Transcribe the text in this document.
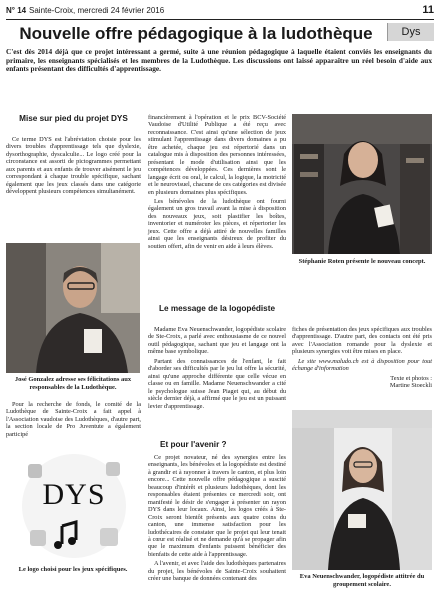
N° 14 Sainte-Croix, mercredi 24 février 2016	11
Nouvelle offre pédagogique à la ludothèque	Dys
C'est dès 2014 déjà que ce projet intéressant a germé, suite à une réunion pédagogique à laquelle étaient conviés les enseignants du primaire, les enseignants spécialisés et les membres de la Ludothèque. Les discussions ont laissé apparaître un réel besoin d'aide aux enfants présentant des difficultés d'apprentissage.
Mise sur pied du projet DYS

Ce terme DYS est l'abréviation choisie pour les divers troubles d'apprentissage tels que dyslexie, dysorthographie, dyscalculie... Le logo créé pour la circonstance est assorti de pictogrammes permettant aux parents et aux enfants de trouver aisément le jeu correspondant à chaque trouble spécifique, sachant également que les jeux classés dans une catégorie développent plusieurs compétences simultanément.

José Gonzalez adresse ses félicitations aux responsables de la Ludothèque.

Pour la recherche de fonds, le comité de la Ludothèque de Sainte-Croix a fait appel à l'Association vaudoise des Ludothèques, d'autre part, la section locale de Pro Juventute a également participé

DYS
Le logo choisi pour les jeux spécifiques.

financièrement à l'opération et le prix BCV-Société Vaudoise d'Utilité Publique a été reçu avec reconnaissance. C'est ainsi qu'une sélection de jeux stimulant l'apprentissage dans divers domaines a pu être achetée, chaque jeu est répertorié dans un catalogue mis à disposition des personnes intéressées, présentant le mode d'utilisation ainsi que les compétences développées. Ces dernières sont le langage écrit ou oral, le calcul, la logique, la motricité et le neurovisuel, chacune de ces catégories est divisée en plusieurs domaines plus spécifiques.

Les bénévoles de la ludothèque ont fourni également un gros travail avant la mise à disposition des nouveaux jeux, soit plastifier les boîtes, inventorier et numéroter les pièces, et répertorier les jeux. Cette offre a déjà attiré de nouvelles familles ainsi que les enseignants désireux de profiter du soutien offert, afin de venir en aide à leurs élèves.

Le message de la logopédiste

Madame Eva Neuenschwander, logopédiste scolaire de Ste-Croix, a parlé avec enthousiasme de ce nouvel outil pédagogique, sachant que jeu et langage ont la même base symbolique.

Partant des connaissances de l'enfant, le fait d'aborder ses difficultés par le jeu lui offre la sécurité, ainsi qu'une approche différente que celle vécue en classe ou en famille. Madame Neuenschwander a cité le psychologue suisse Jean Piaget qui, au début du siècle dernier déjà, a affirmé que le jeu est un puissant levier d'apprentissage.

Et pour l'avenir ?

Ce projet novateur, né des synergies entre les enseignants, les bénévoles et la logopédiste est destiné à grandir et à rayonner à travers le canton, et plus loin encore... Cette nouvelle offre pédagogique a suscité beaucoup d'intérêt et plusieurs ludothèques, dont les responsables étaient présentes ce mercredi soir, ont manifesté le désir de s'engager à présenter un rayon DYS dans leur locaux. Ainsi, les logos créés à Ste-Croix seront bientôt présents aux quatre coins du canton, une immense satisfaction pour les ludothécaires de constater que le projet qui leur tenait à cœur est réalisé et ne demande qu'à se propager afin que le maximum d'enfants puissent bénéficier des bienfaits de cette aide à l'apprentissage.

A l'avenir, et avec l'aide des ludothèques partenaires du projet, les bénévoles de Sainte-Croix souhaitent créer une banque de données contenant des

Stéphanie Roten présente le nouveau concept.

fiches de présentation des jeux spécifiques aux troubles d'apprentissage. D'autre part, des contacts ont été pris avec l'Association romande pour la dyslexie et plusieurs synergies voit être mises en place.

Le site www.maludo.ch est à disposition pour tout échange d'information

Texte et photos :
Martine Stoeckli
Eva Neuenschwander, logopédiste attitrée du groupement scolaire.
